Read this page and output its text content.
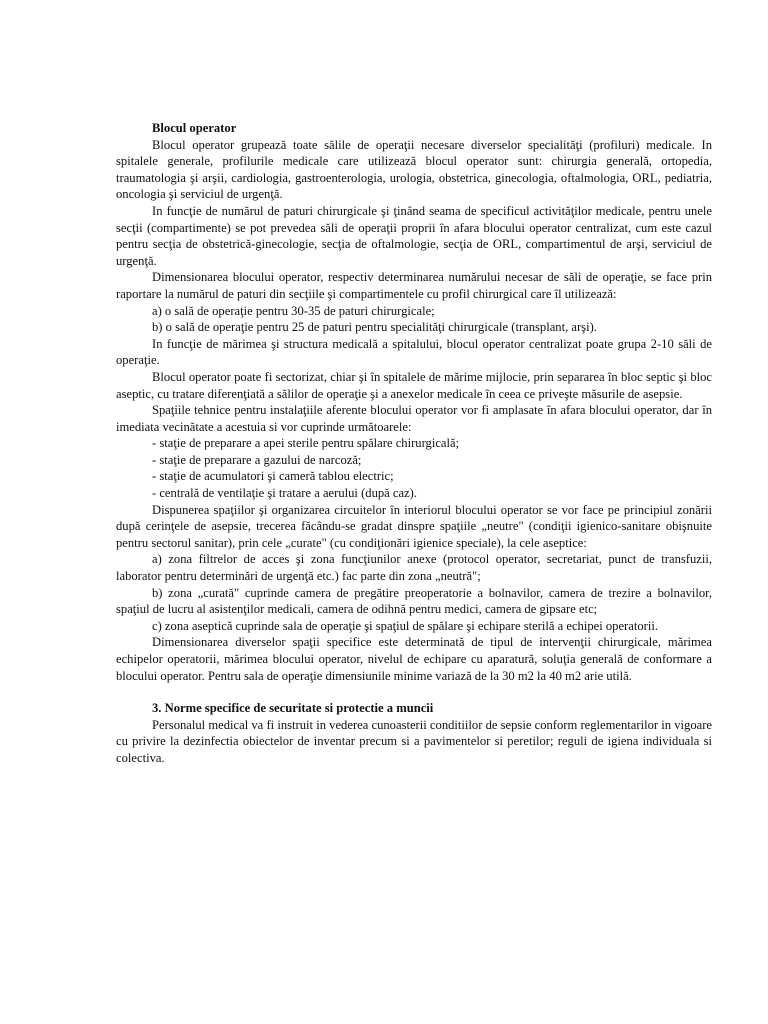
Blocul operator
Blocul operator grupează toate sălile de operaţii necesare diverselor specialităţi (profiluri) medicale. In spitalele generale, profilurile medicale care utilizează blocul operator sunt: chirurgia generală, ortopedia, traumatologia şi arşii, cardiologia, gastroenterologia, urologia, obstetrica, ginecologia, oftalmologia, ORL, pediatria, oncologia şi serviciul de urgenţă.
In funcţie de numărul de paturi chirurgicale şi ţinând seama de specificul activităţilor medicale, pentru unele secţii (compartimente) se pot prevedea săli de operaţii proprii în afara blocului operator centralizat, cum este cazul pentru secţia de obstetrică-ginecologie, secţia de oftalmologie, secţia de ORL, compartimentul de arşi, serviciul de urgenţă.
Dimensionarea blocului operator, respectiv determinarea numărului necesar de săli de operaţie, se face prin raportare la numărul de paturi din secţiile şi compartimentele cu profil chirurgical care îl utilizează:
a) o sală de operaţie pentru 30-35 de paturi chirurgicale;
b) o sală de operaţie pentru 25 de paturi pentru specialităţi chirurgicale (transplant, arşi).
In funcţie de mărimea şi structura medicală a spitalului, blocul operator centralizat poate grupa 2-10 săli de operaţie.
Blocul operator poate fi sectorizat, chiar şi în spitalele de mărime mijlocie, prin separarea în bloc septic şi bloc aseptic, cu tratare diferenţiată a sălilor de operaţie şi a anexelor medicale în ceea ce priveşte măsurile de asepsie.
Spaţiile tehnice pentru instalaţiile aferente blocului operator vor fi amplasate în afara blocului operator, dar în imediata vecinătate a acestuia si vor cuprinde următoarele:
- staţie de preparare a apei sterile pentru spălare chirurgicală;
- staţie de preparare a gazului de narcoză;
- staţie de acumulatori şi cameră tablou electric;
- centrală de ventilaţie şi tratare a aerului (după caz).
Dispunerea spaţiilor şi organizarea circuitelor în interiorul blocului operator se vor face pe principiul zonării după cerinţele de asepsie, trecerea făcându-se gradat dinspre spaţiile „neutre" (condiţii igienico-sanitare obişnuite pentru sectorul sanitar), prin cele „curate" (cu condiţionări igienice speciale), la cele aseptice:
a) zona filtrelor de acces şi zona funcţiunilor anexe (protocol operator, secretariat, punct de transfuzii, laborator pentru determinări de urgenţă etc.) fac parte din zona „neutră";
b) zona „curată" cuprinde camera de pregătire preoperatorie a bolnavilor, camera de trezire a bolnavilor, spaţiul de lucru al asistenţilor medicali, camera de odihnă pentru medici, camera de gipsare etc;
c) zona aseptică cuprinde sala de operaţie şi spaţiul de spălare şi echipare sterilă a echipei operatorii.
Dimensionarea diverselor spaţii specifice este determinată de tipul de intervenţii chirurgicale, mărimea echipelor operatorii, mărimea blocului operator, nivelul de echipare cu aparatură, soluţia generală de conformare a blocului operator. Pentru sala de operaţie dimensiunile minime variază de la 30 m2 la 40 m2 arie utilă.
3. Norme specifice de securitate si protectie a muncii
Personalul medical va fi instruit in vederea cunoasterii conditiilor de sepsie conform reglementarilor in vigoare cu privire la dezinfectia obiectelor de inventar precum si a pavimentelor si peretilor; reguli de igiena individuala si colectiva.
